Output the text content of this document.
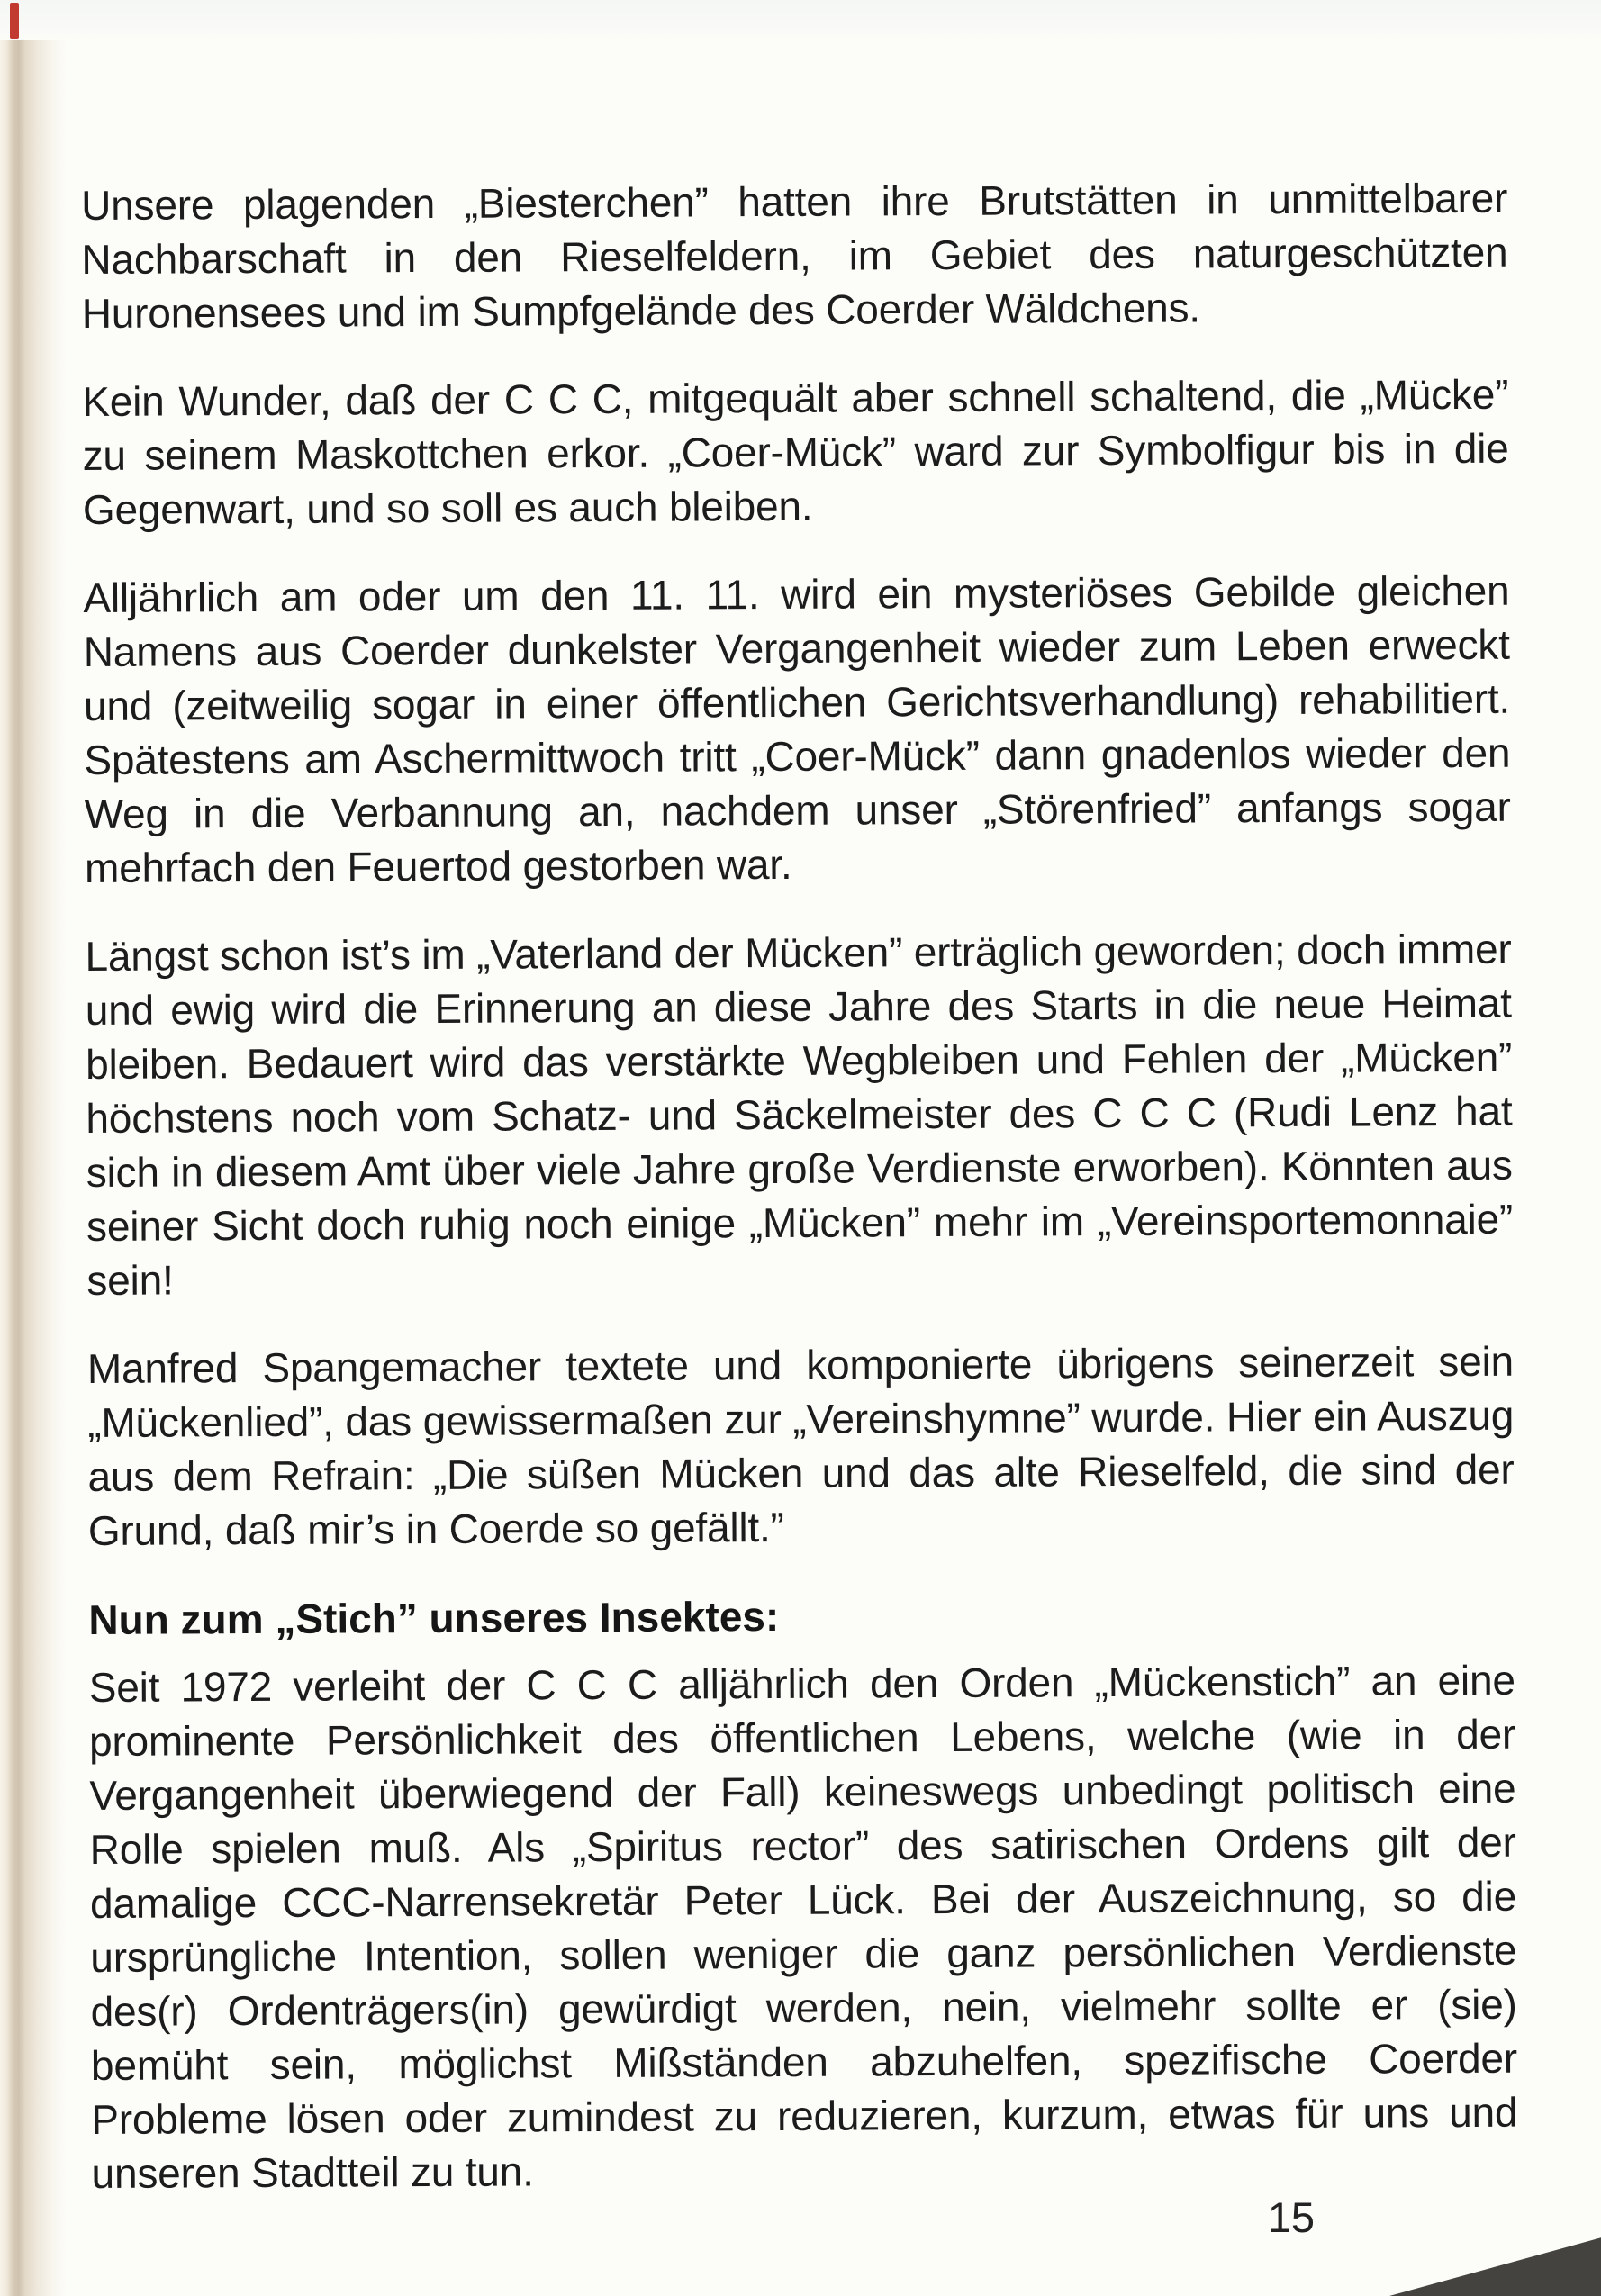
Unsere plagenden „Biesterchen” hatten ihre Brutstätten in unmittelbarer Nachbarschaft in den Rieselfeldern, im Gebiet des naturgeschützten Huronensees und im Sumpfgelände des Coerder Wäldchens.

Kein Wunder, daß der C C C, mitgequält aber schnell schaltend, die „Mücke” zu seinem Maskottchen erkor. „Coer-Mück” ward zur Symbolfigur bis in die Gegenwart, und so soll es auch bleiben.

Alljährlich am oder um den 11. 11. wird ein mysteriöses Gebilde gleichen Namens aus Coerder dunkelster Vergangenheit wieder zum Leben erweckt und (zeitweilig sogar in einer öffentlichen Gerichtsverhandlung) rehabilitiert. Spätestens am Aschermittwoch tritt „Coer-Mück” dann gnadenlos wieder den Weg in die Verbannung an, nachdem unser „Störenfried” anfangs sogar mehrfach den Feuertod gestorben war.

Längst schon ist’s im „Vaterland der Mücken” erträglich geworden; doch immer und ewig wird die Erinnerung an diese Jahre des Starts in die neue Heimat bleiben. Bedauert wird das verstärkte Wegbleiben und Fehlen der „Mücken” höchstens noch vom Schatz- und Säckelmeister des C C C (Rudi Lenz hat sich in diesem Amt über viele Jahre große Verdienste erworben). Könnten aus seiner Sicht doch ruhig noch einige „Mücken” mehr im „Vereinsportemonnaie” sein!

Manfred Spangemacher textete und komponierte übrigens seinerzeit sein „Mückenlied”, das gewissermaßen zur „Vereinshymne” wurde. Hier ein Auszug aus dem Refrain: „Die süßen Mücken und das alte Rieselfeld, die sind der Grund, daß mir’s in Coerde so gefällt.”

Nun zum „Stich” unseres Insektes:

Seit 1972 verleiht der C C C alljährlich den Orden „Mückenstich” an eine prominente Persönlichkeit des öffentlichen Lebens, welche (wie in der Vergangenheit überwiegend der Fall) keineswegs unbedingt politisch eine Rolle spielen muß. Als „Spiritus rector” des satirischen Ordens gilt der damalige CCC-Narrensekretär Peter Lück. Bei der Auszeichnung, so die ursprüngliche Intention, sollen weniger die ganz persönlichen Verdienste des(r) Ordenträgers(in) gewürdigt werden, nein, vielmehr sollte er (sie) bemüht sein, möglichst Mißständen abzuhelfen, spezifische Coerder Probleme lösen oder zumindest zu reduzieren, kurzum, etwas für uns und unseren Stadtteil zu tun.

15
